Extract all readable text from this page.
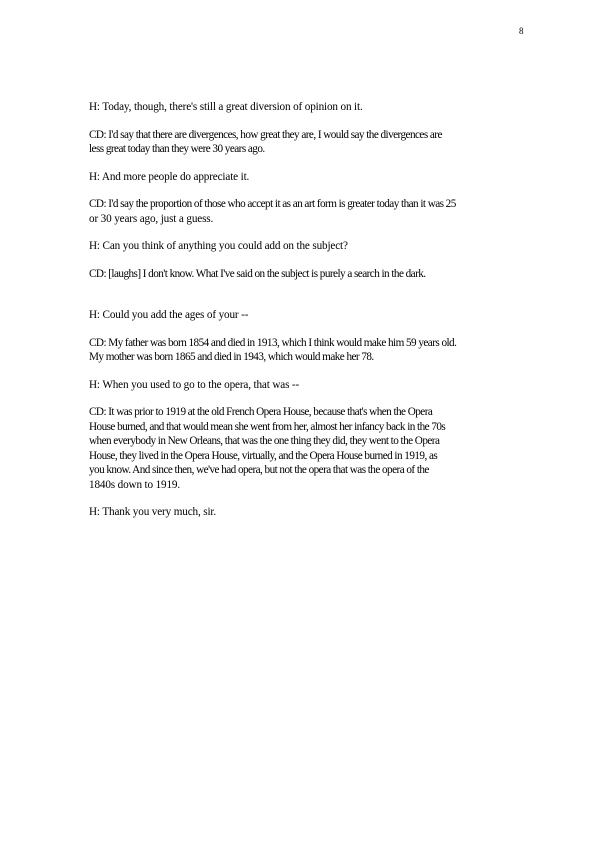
8
H: Today, though, there's still a great diversion of opinion on it.
CD: I'd say that there are divergences, how great they are, I would say the divergences are
less great today than they were 30 years ago.
H: And more people do appreciate it.
CD: I'd say the proportion of those who accept it as an art form is greater today than it was 25
or 30 years ago, just a guess.
H: Can you think of anything you could add on the subject?
CD: [laughs] I don't know. What I've said on the subject is purely a search in the dark.
H: Could you add the ages of your --
CD: My father was born 1854 and died in 1913, which I think would make him 59 years old.
My mother was born 1865 and died in 1943, which would make her 78.
H: When you used to go to the opera, that was --
CD: It was prior to 1919 at the old French Opera House, because that's when the Opera
House burned, and that would mean she went from her, almost her infancy back in the 70s
when everybody in New Orleans, that was the one thing they did, they went to the Opera
House, they lived in the Opera House, virtually, and the Opera House burned in 1919, as
you know. And since then, we've had opera, but not the opera that was the opera of the
1840s down to 1919.
H: Thank you very much, sir.
